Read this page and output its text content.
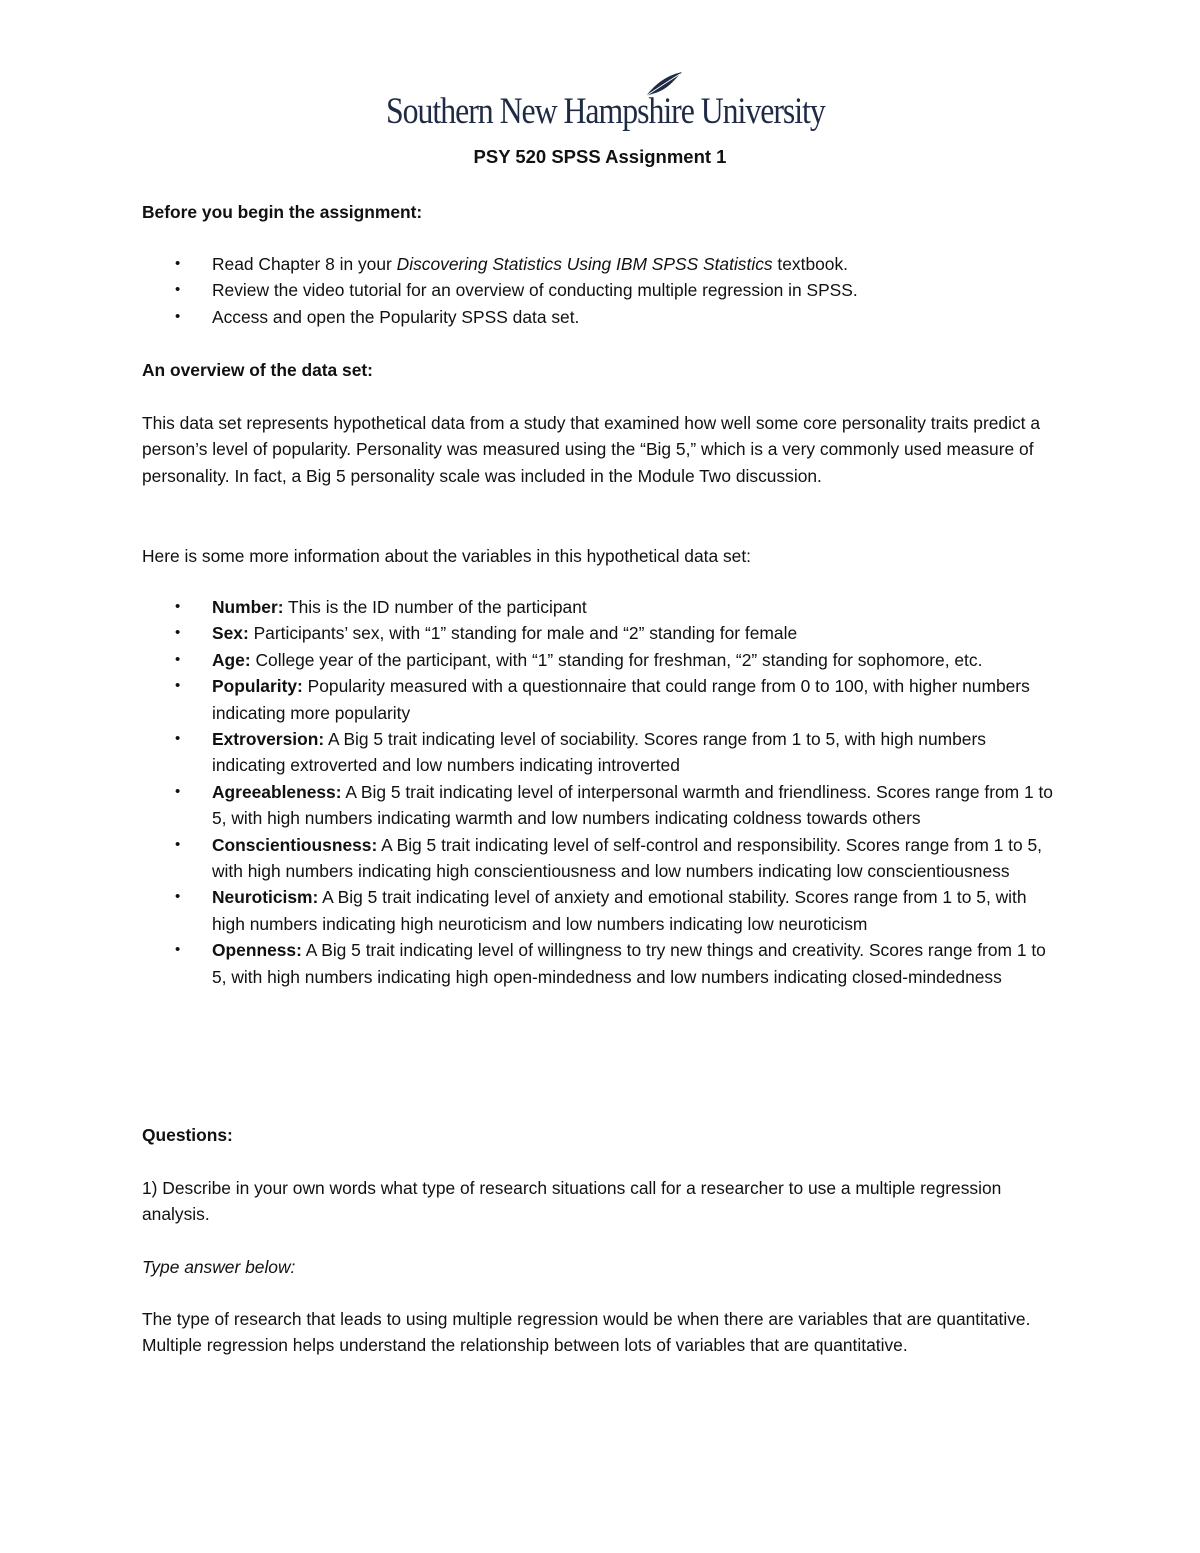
Southern New Hampshire University
PSY 520 SPSS Assignment 1

Before you begin the assignment:

• Read Chapter 8 in your Discovering Statistics Using IBM SPSS Statistics textbook.
• Review the video tutorial for an overview of conducting multiple regression in SPSS.
• Access and open the Popularity SPSS data set.

An overview of the data set:

This data set represents hypothetical data from a study that examined how well some core personality traits predict a person’s level of popularity. Personality was measured using the “Big 5,” which is a very commonly used measure of personality. In fact, a Big 5 personality scale was included in the Module Two discussion.

Here is some more information about the variables in this hypothetical data set:

• Number: This is the ID number of the participant
• Sex: Participants’ sex, with “1” standing for male and “2” standing for female
• Age: College year of the participant, with “1” standing for freshman, “2” standing for sophomore, etc.
• Popularity: Popularity measured with a questionnaire that could range from 0 to 100, with higher numbers indicating more popularity
• Extroversion: A Big 5 trait indicating level of sociability. Scores range from 1 to 5, with high numbers indicating extroverted and low numbers indicating introverted
• Agreeableness: A Big 5 trait indicating level of interpersonal warmth and friendliness. Scores range from 1 to 5, with high numbers indicating warmth and low numbers indicating coldness towards others
• Conscientiousness: A Big 5 trait indicating level of self-control and responsibility. Scores range from 1 to 5, with high numbers indicating high conscientiousness and low numbers indicating low conscientiousness
• Neuroticism: A Big 5 trait indicating level of anxiety and emotional stability. Scores range from 1 to 5, with high numbers indicating high neuroticism and low numbers indicating low neuroticism
• Openness: A Big 5 trait indicating level of willingness to try new things and creativity. Scores range from 1 to 5, with high numbers indicating high open-mindedness and low numbers indicating closed-mindedness

Questions:

1) Describe in your own words what type of research situations call for a researcher to use a multiple regression analysis.

Type answer below:

The type of research that leads to using multiple regression would be when there are variables that are quantitative. Multiple regression helps understand the relationship between lots of variables that are quantitative.
